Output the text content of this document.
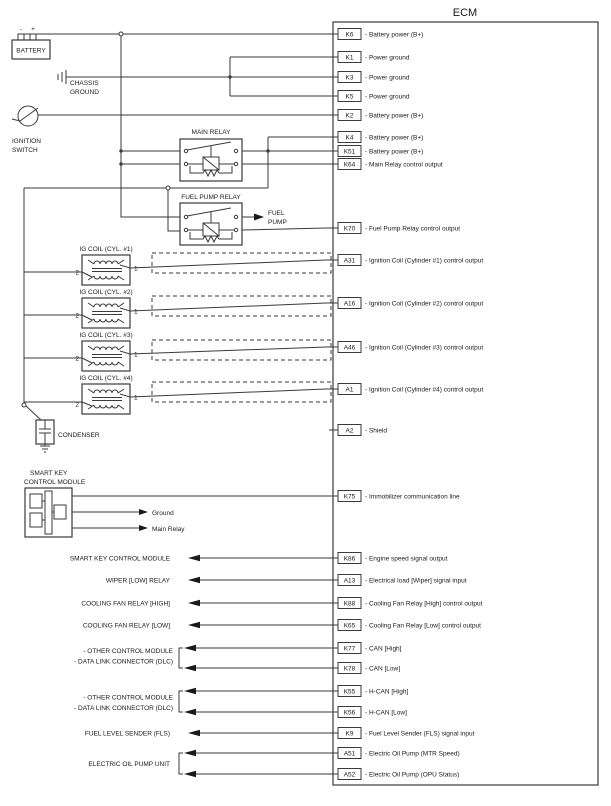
- +
BATTERY
CHASSIS
GROUND
IGNITION
SWITCH
MAIN RELAY
FUEL PUMP RELAY
FUEL
PUMP
IG COIL (CYL. #1)
2
1
IG COIL (CYL. #2)
2
1
IG COIL (CYL. #3)
2
1
IG COIL (CYL. #4)
2
1
CONDENSER
SMART KEY
CONTROL MODULE
Ground
Main Relay
SMART KEY CONTROL MODULE
WIPER [LOW] RELAY
COOLING FAN RELAY [HIGH]
COOLING FAN RELAY [LOW]
- OTHER CONTROL MODULE
- DATA LINK CONNECTOR (DLC)
- OTHER CONTROL MODULE
- DATA LINK CONNECTOR (DLC)
FUEL LEVEL SENDER (FLS)
ELECTRIC OIL PUMP UNIT
ECM
K6 - Battery power (B+)
K1 - Power ground
K3 - Power ground
K5 - Power ground
K2 - Battery power (B+)
K4 - Battery power (B+)
K51 - Battery power (B+)
K64 - Main Relay control output
K70 - Fuel Pump Relay control output
A31 - Ignition Coil (Cylinder #1) control output
A16 - Ignition Coil (Cylinder #2) control output
A46 - Ignition Coil (Cylinder #3) control output
A1 - Ignition Coil (Cylinder #4) control output
A2 - Shield
K75 - Immobilizer communication line
K86 - Engine speed signal output
A13 - Electrical load [Wiper] signal input
K88 - Cooling Fan Relay [High] control output
K65 - Cooling Fan Relay [Low] control output
K77 - CAN [High]
K78 - CAN [Low]
K55 - H-CAN [High]
K56 - H-CAN [Low]
K9 - Fuel Level Sender (FLS) signal input
A51 - Electric Oil Pump (MTR Speed)
A52 - Electric Oil Pump (OPU Status)
